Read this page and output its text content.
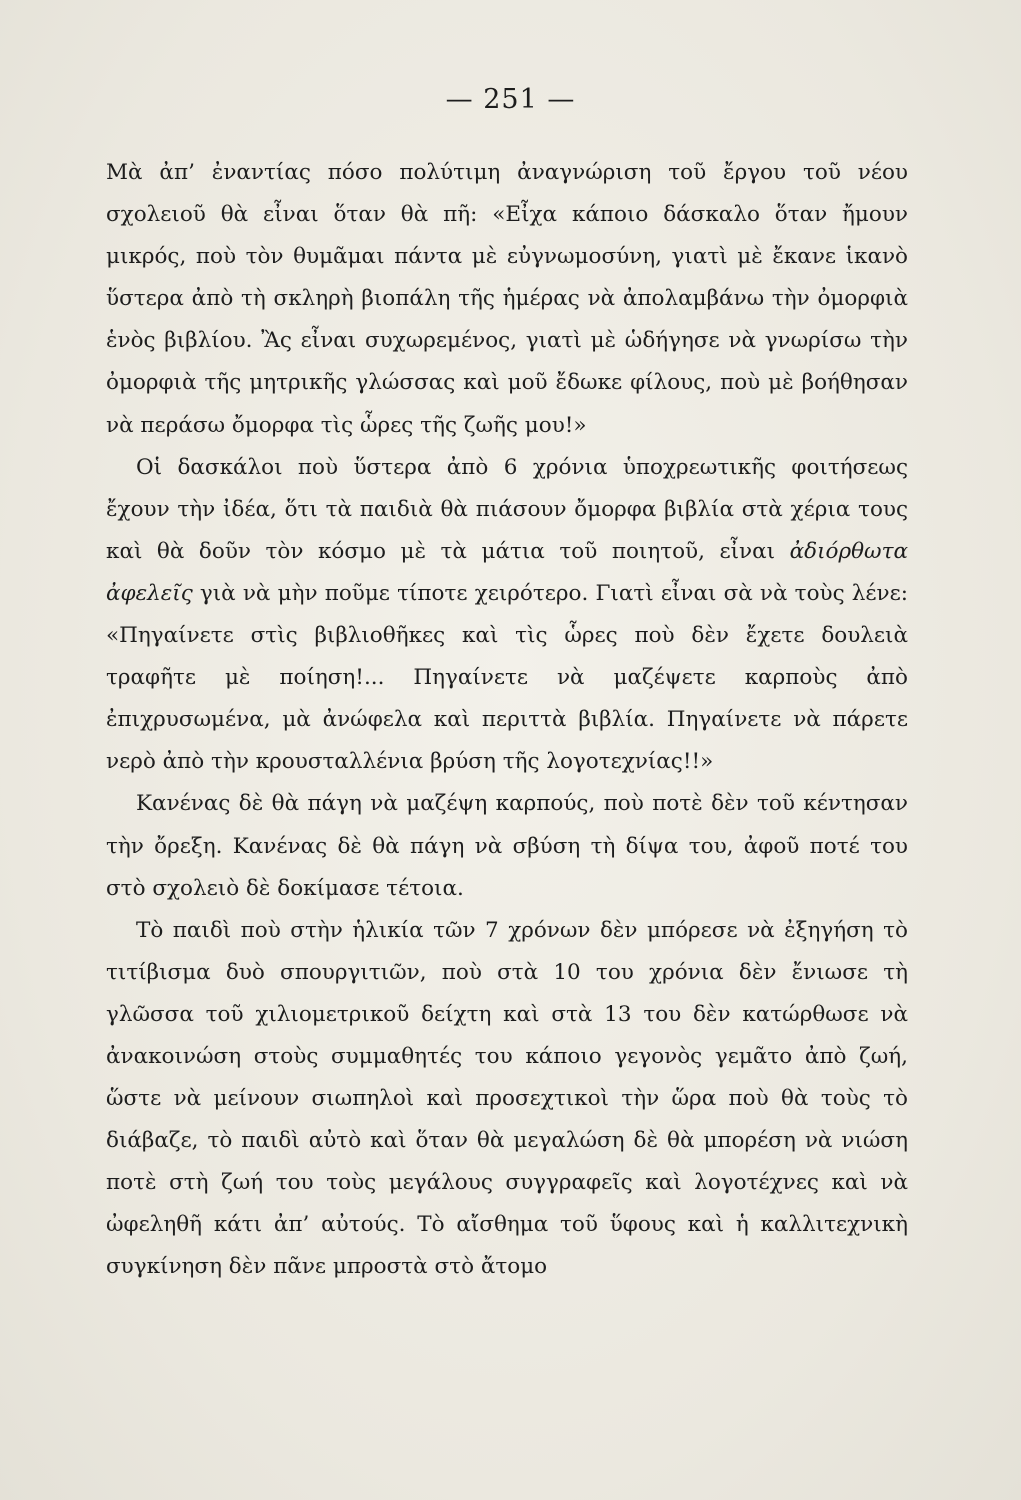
— 251 —

Μὰ ἀπ’ ἐναντίας πόσο πολύτιμη ἀναγνώριση τοῦ ἔργου τοῦ νέου σχολειοῦ θὰ εἶναι ὅταν θὰ πῆ: «Εἶχα κάποιο δάσκαλο ὅταν ἤμουν μικρός, ποὺ τὸν θυμᾶμαι πάντα μὲ εὐγνωμοσύνη, γιατὶ μὲ ἔκανε ἱκανὸ ὕστερα ἀπὸ τὴ σκληρὴ βιοπάλη τῆς ἡμέρας νὰ ἀπολαμβάνω τὴν ὀμορφιὰ ἑνὸς βιβλίου. Ἂς εἶναι συχωρεμένος, γιατὶ μὲ ὡδήγησε νὰ γνωρίσω τὴν ὀμορφιὰ τῆς μητρικῆς γλώσσας καὶ μοῦ ἔδωκε φίλους, ποὺ μὲ βοήθησαν νὰ περάσω ὄμορφα τὶς ὧρες τῆς ζωῆς μου!»

Οἱ δασκάλοι ποὺ ὕστερα ἀπὸ 6 χρόνια ὑποχρεωτικῆς φοιτήσεως ἔχουν τὴν ἰδέα, ὅτι τὰ παιδιὰ θὰ πιάσουν ὄμορφα βιβλία στὰ χέρια τους καὶ θὰ δοῦν τὸν κόσμο μὲ τὰ μάτια τοῦ ποιητοῦ, εἶναι ἀδιόρθωτα ἀφελεῖς γιὰ νὰ μὴν ποῦμε τίποτε χειρότερο. Γιατὶ εἶναι σὰ νὰ τοὺς λένε: «Πηγαίνετε στὶς βιβλιοθῆκες καὶ τὶς ὧρες ποὺ δὲν ἔχετε δουλειὰ τραφῆτε μὲ ποίηση!... Πηγαίνετε νὰ μαζέψετε καρποὺς ἀπὸ ἐπιχρυσωμένα, μὰ ἀνώφελα καὶ περιττὰ βιβλία. Πηγαίνετε νὰ πάρετε νερὸ ἀπὸ τὴν κρουσταλλένια βρύση τῆς λογοτεχνίας!!»

Κανένας δὲ θὰ πάγη νὰ μαζέψη καρπούς, ποὺ ποτὲ δὲν τοῦ κέντησαν τὴν ὄρεξη. Κανένας δὲ θὰ πάγη νὰ σβύση τὴ δίψα του, ἀφοῦ ποτέ του στὸ σχολειὸ δὲ δοκίμασε τέτοια.

Τὸ παιδὶ ποὺ στὴν ἡλικία τῶν 7 χρόνων δὲν μπόρεσε νὰ ἐξηγήση τὸ τιτίβισμα δυὸ σπουργιτιῶν, ποὺ στὰ 10 του χρόνια δὲν ἔνιωσε τὴ γλῶσσα τοῦ χιλιομετρικοῦ δείχτη καὶ στὰ 13 του δὲν κατώρθωσε νὰ ἀνακοινώση στοὺς συμμαθητές του κάποιο γεγονὸς γεμᾶτο ἀπὸ ζωή, ὥστε νὰ μείνουν σιωπηλοὶ καὶ προσεχτικοὶ τὴν ὥρα ποὺ θὰ τοὺς τὸ διάβαζε, τὸ παιδὶ αὐτὸ καὶ ὅταν θὰ μεγαλώση δὲ θὰ μπορέση νὰ νιώση ποτὲ στὴ ζωή του τοὺς μεγάλους συγγραφεῖς καὶ λογοτέχνες καὶ νὰ ὠφεληθῆ κάτι ἀπ’ αὐτούς. Τὸ αἴσθημα τοῦ ὕφους καὶ ἡ καλλιτεχνικὴ συγκίνηση δὲν πᾶνε μπροστὰ στὸ ἄτομο
